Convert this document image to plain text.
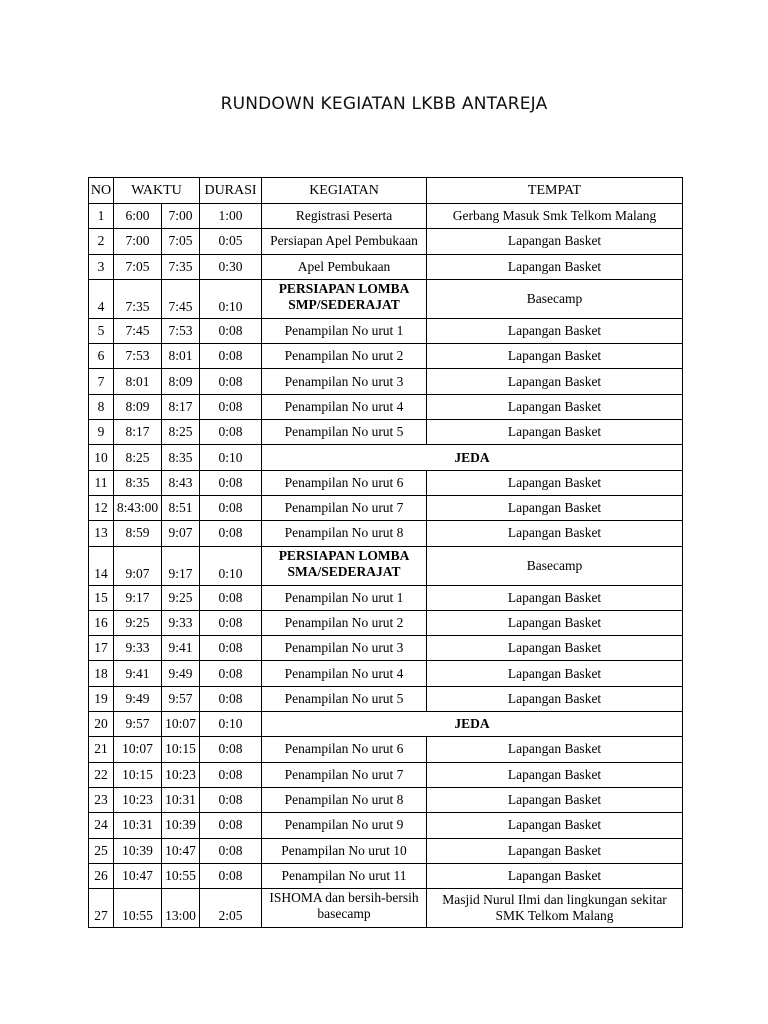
RUNDOWN KEGIATAN LKBB ANTAREJA
NO	WAKTU		DURASI	KEGIATAN	TEMPAT
1	6:00	7:00	1:00	Registrasi Peserta	Gerbang Masuk Smk Telkom Malang
2	7:00	7:05	0:05	Persiapan Apel Pembukaan	Lapangan Basket
3	7:05	7:35	0:30	Apel Pembukaan	Lapangan Basket
4	7:35	7:45	0:10	PERSIAPAN LOMBA SMP/SEDERAJAT	Basecamp
5	7:45	7:53	0:08	Penampilan No urut 1	Lapangan Basket
6	7:53	8:01	0:08	Penampilan No urut 2	Lapangan Basket
7	8:01	8:09	0:08	Penampilan No urut 3	Lapangan Basket
8	8:09	8:17	0:08	Penampilan No urut 4	Lapangan Basket
9	8:17	8:25	0:08	Penampilan No urut 5	Lapangan Basket
10	8:25	8:35	0:10	JEDA	
11	8:35	8:43	0:08	Penampilan No urut 6	Lapangan Basket
12	8:43:00	8:51	0:08	Penampilan No urut 7	Lapangan Basket
13	8:59	9:07	0:08	Penampilan No urut 8	Lapangan Basket
14	9:07	9:17	0:10	PERSIAPAN LOMBA SMA/SEDERAJAT	Basecamp
15	9:17	9:25	0:08	Penampilan No urut 1	Lapangan Basket
16	9:25	9:33	0:08	Penampilan No urut 2	Lapangan Basket
17	9:33	9:41	0:08	Penampilan No urut 3	Lapangan Basket
18	9:41	9:49	0:08	Penampilan No urut 4	Lapangan Basket
19	9:49	9:57	0:08	Penampilan No urut 5	Lapangan Basket
20	9:57	10:07	0:10	JEDA	
21	10:07	10:15	0:08	Penampilan No urut 6	Lapangan Basket
22	10:15	10:23	0:08	Penampilan No urut 7	Lapangan Basket
23	10:23	10:31	0:08	Penampilan No urut 8	Lapangan Basket
24	10:31	10:39	0:08	Penampilan No urut 9	Lapangan Basket
25	10:39	10:47	0:08	Penampilan No urut 10	Lapangan Basket
26	10:47	10:55	0:08	Penampilan No urut 11	Lapangan Basket
27	10:55	13:00	2:05	ISHOMA dan bersih-bersih basecamp	Masjid Nurul Ilmi dan lingkungan sekitar SMK Telkom Malang
